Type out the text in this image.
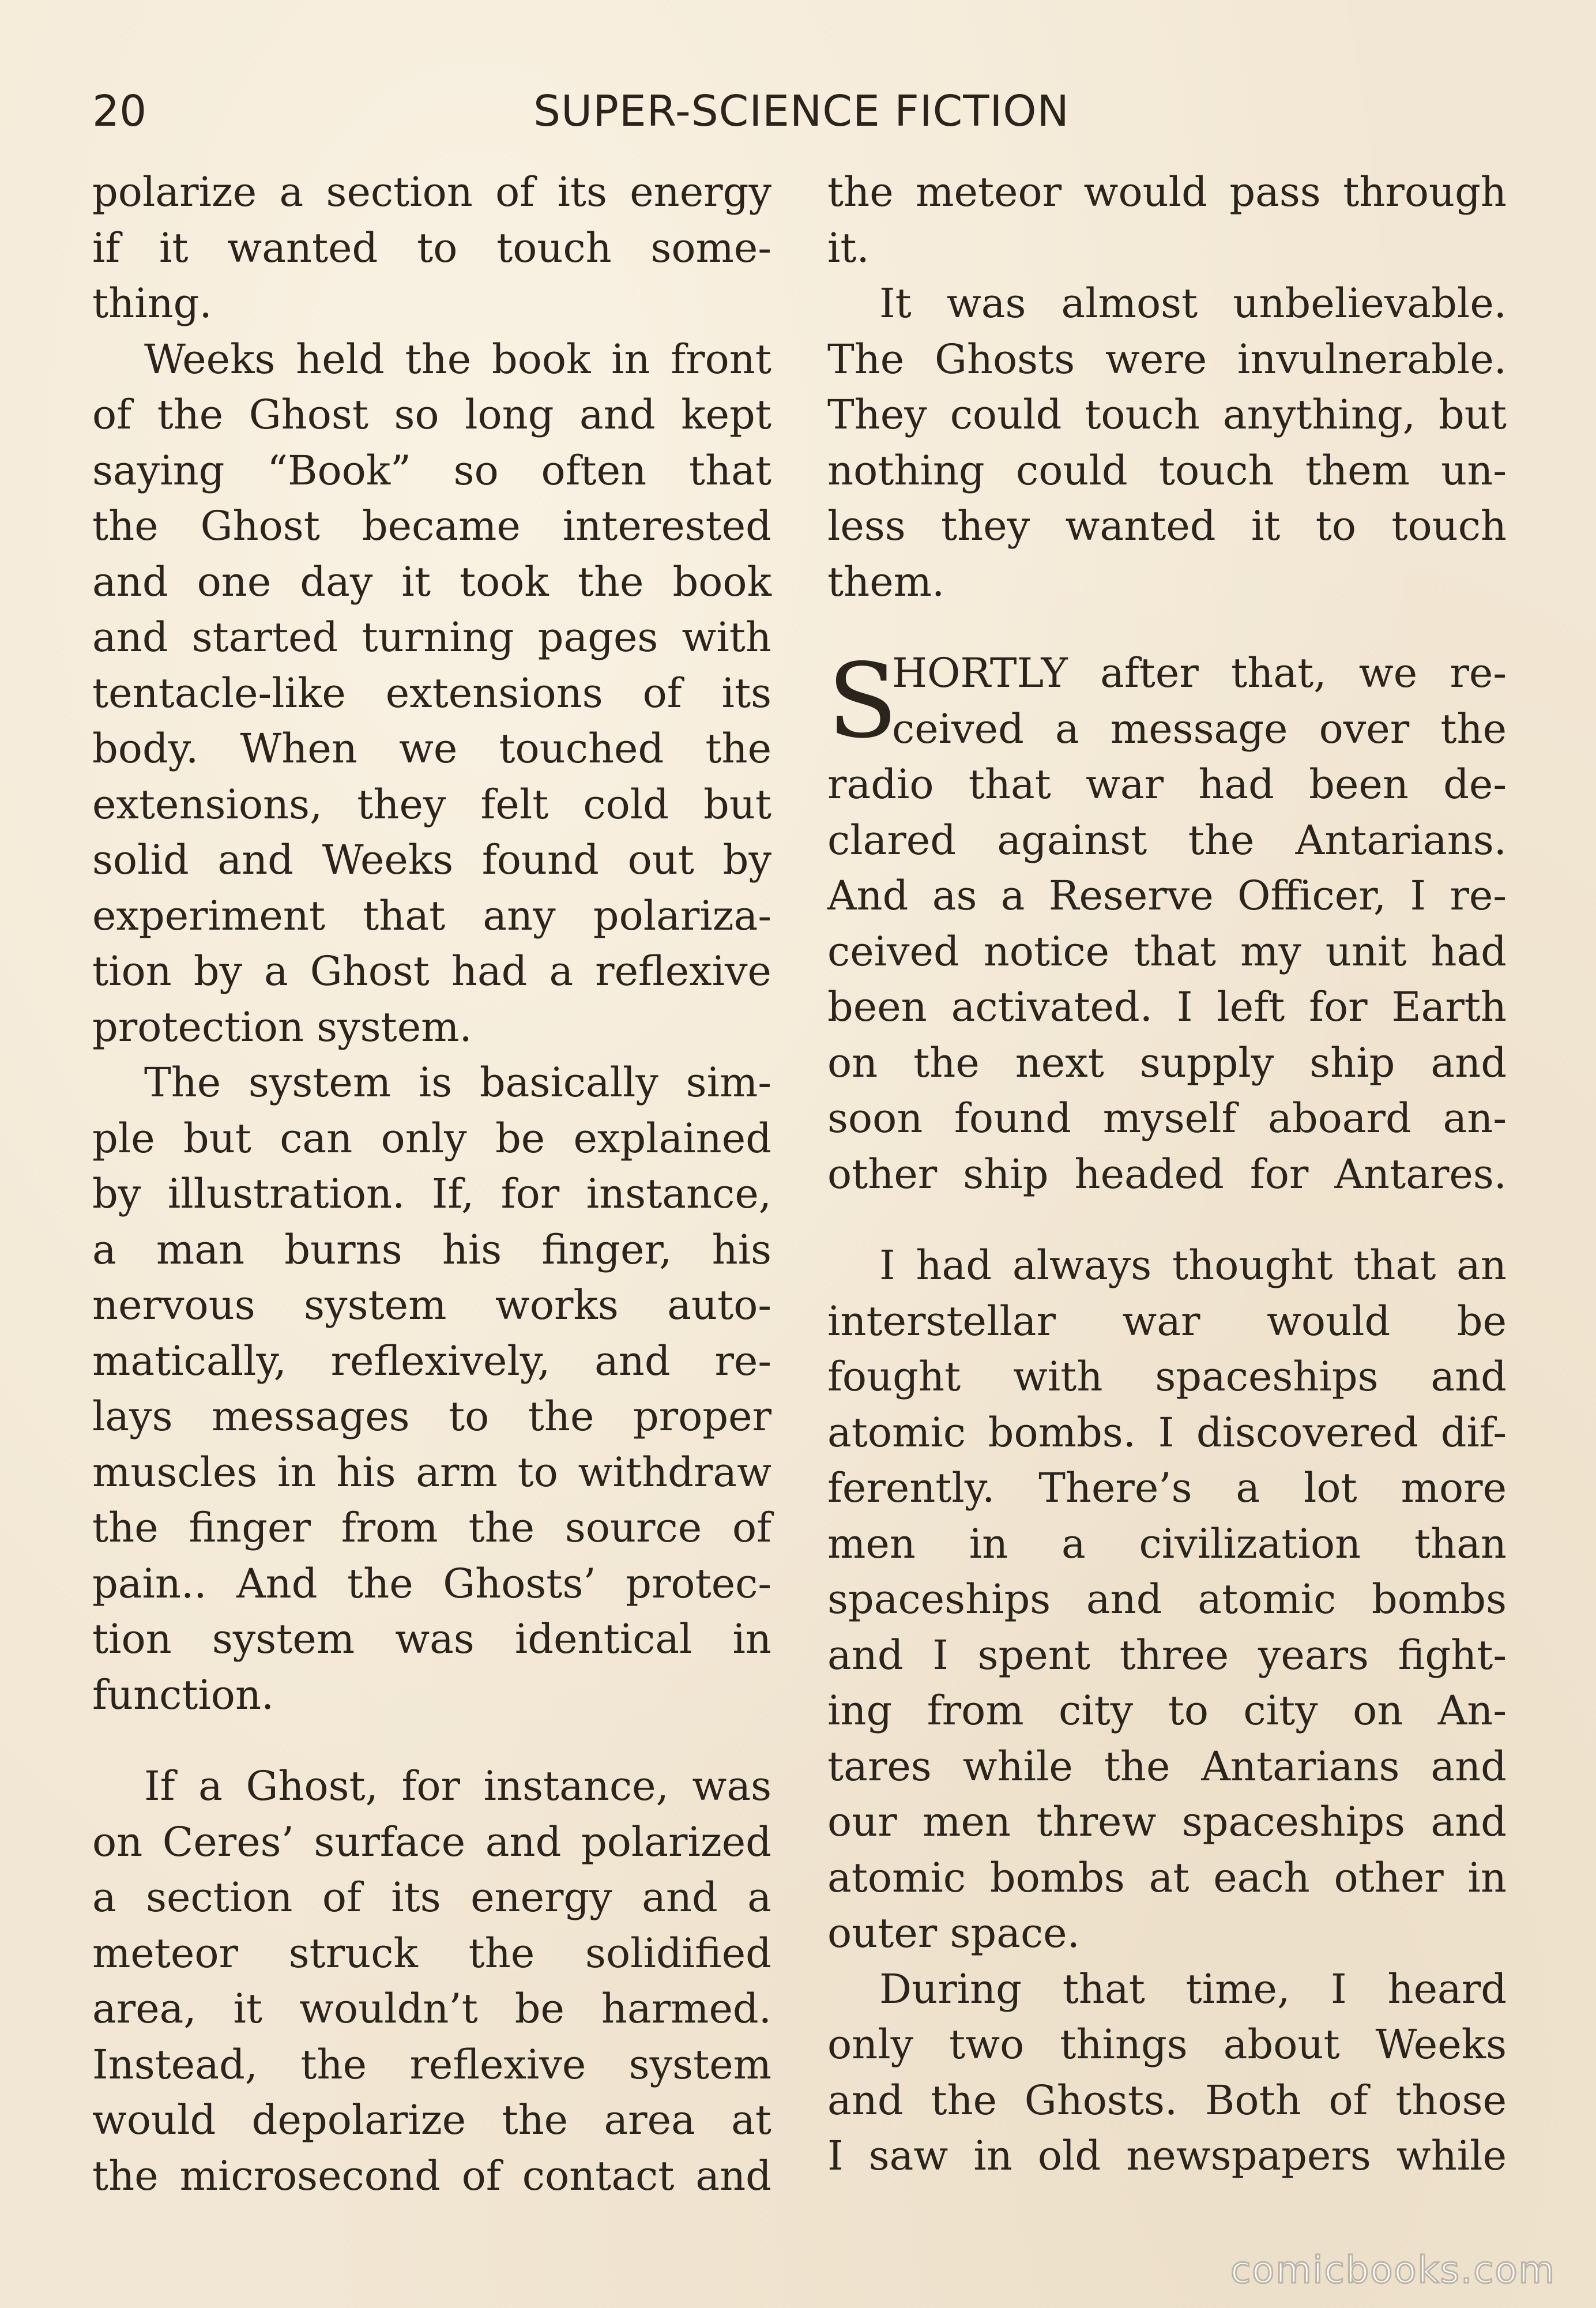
20	SUPER-SCIENCE FICTION
polarize a section of its energy
if it wanted to touch some-
thing.
Weeks held the book in front
of the Ghost so long and kept
saying “Book” so often that
the Ghost became interested
and one day it took the book
and started turning pages with
tentacle-like extensions of its
body. When we touched the
extensions, they felt cold but
solid and Weeks found out by
experiment that any polariza-
tion by a Ghost had a reflexive
protection system.
The system is basically sim-
ple but can only be explained
by illustration. If, for instance,
a man burns his finger, his
nervous system works auto-
matically, reflexively, and re-
lays messages to the proper
muscles in his arm to withdraw
the finger from the source of
pain.. And the Ghosts’ protec-
tion system was identical in
function.
If a Ghost, for instance, was
on Ceres’ surface and polarized
a section of its energy and a
meteor struck the solidified
area, it wouldn’t be harmed.
Instead, the reflexive system
would depolarize the area at
the microsecond of contact and
the meteor would pass through
it.
It was almost unbelievable.
The Ghosts were invulnerable.
They could touch anything, but
nothing could touch them un-
less they wanted it to touch
them.
S
HORTLY after that, we re-
ceived a message over the
radio that war had been de-
clared against the Antarians.
And as a Reserve Officer, I re-
ceived notice that my unit had
been activated. I left for Earth
on the next supply ship and
soon found myself aboard an-
other ship headed for Antares.
I had always thought that an
interstellar war would be
fought with spaceships and
atomic bombs. I discovered dif-
ferently. There’s a lot more
men in a civilization than
spaceships and atomic bombs
and I spent three years fight-
ing from city to city on An-
tares while the Antarians and
our men threw spaceships and
atomic bombs at each other in
outer space.
During that time, I heard
only two things about Weeks
and the Ghosts. Both of those
I saw in old newspapers while
comicbooks.com
